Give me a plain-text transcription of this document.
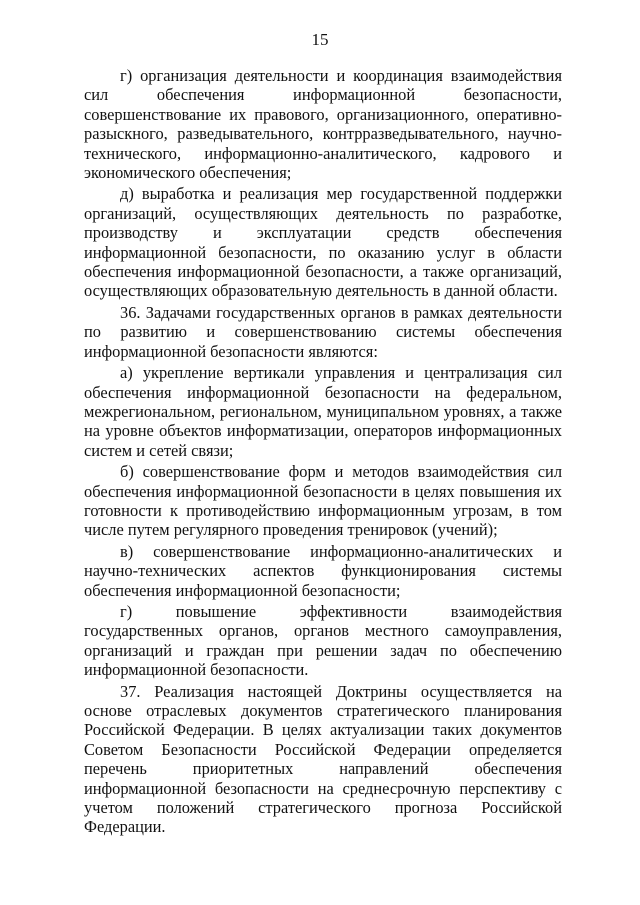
15

г) организация деятельности и координация взаимодействия сил обеспечения информационной безопасности, совершенствование их правового, организационного, оперативно-разыскного, разведывательного, контрразведывательного, научно-технического, информационно-аналитического, кадрового и экономического обеспечения;

д) выработка и реализация мер государственной поддержки организаций, осуществляющих деятельность по разработке, производству и эксплуатации средств обеспечения информационной безопасности, по оказанию услуг в области обеспечения информационной безопасности, а также организаций, осуществляющих образовательную деятельность в данной области.

36. Задачами государственных органов в рамках деятельности по развитию и совершенствованию системы обеспечения информационной безопасности являются:

а) укрепление вертикали управления и централизация сил обеспечения информационной безопасности на федеральном, межрегиональном, региональном, муниципальном уровнях, а также на уровне объектов информатизации, операторов информационных систем и сетей связи;

б) совершенствование форм и методов взаимодействия сил обеспечения информационной безопасности в целях повышения их готовности к противодействию информационным угрозам, в том числе путем регулярного проведения тренировок (учений);

в) совершенствование информационно-аналитических и научно-технических аспектов функционирования системы обеспечения информационной безопасности;

г) повышение эффективности взаимодействия государственных органов, органов местного самоуправления, организаций и граждан при решении задач по обеспечению информационной безопасности.

37. Реализация настоящей Доктрины осуществляется на основе отраслевых документов стратегического планирования Российской Федерации. В целях актуализации таких документов Советом Безопасности Российской Федерации определяется перечень приоритетных направлений обеспечения информационной безопасности на среднесрочную перспективу с учетом положений стратегического прогноза Российской Федерации.
